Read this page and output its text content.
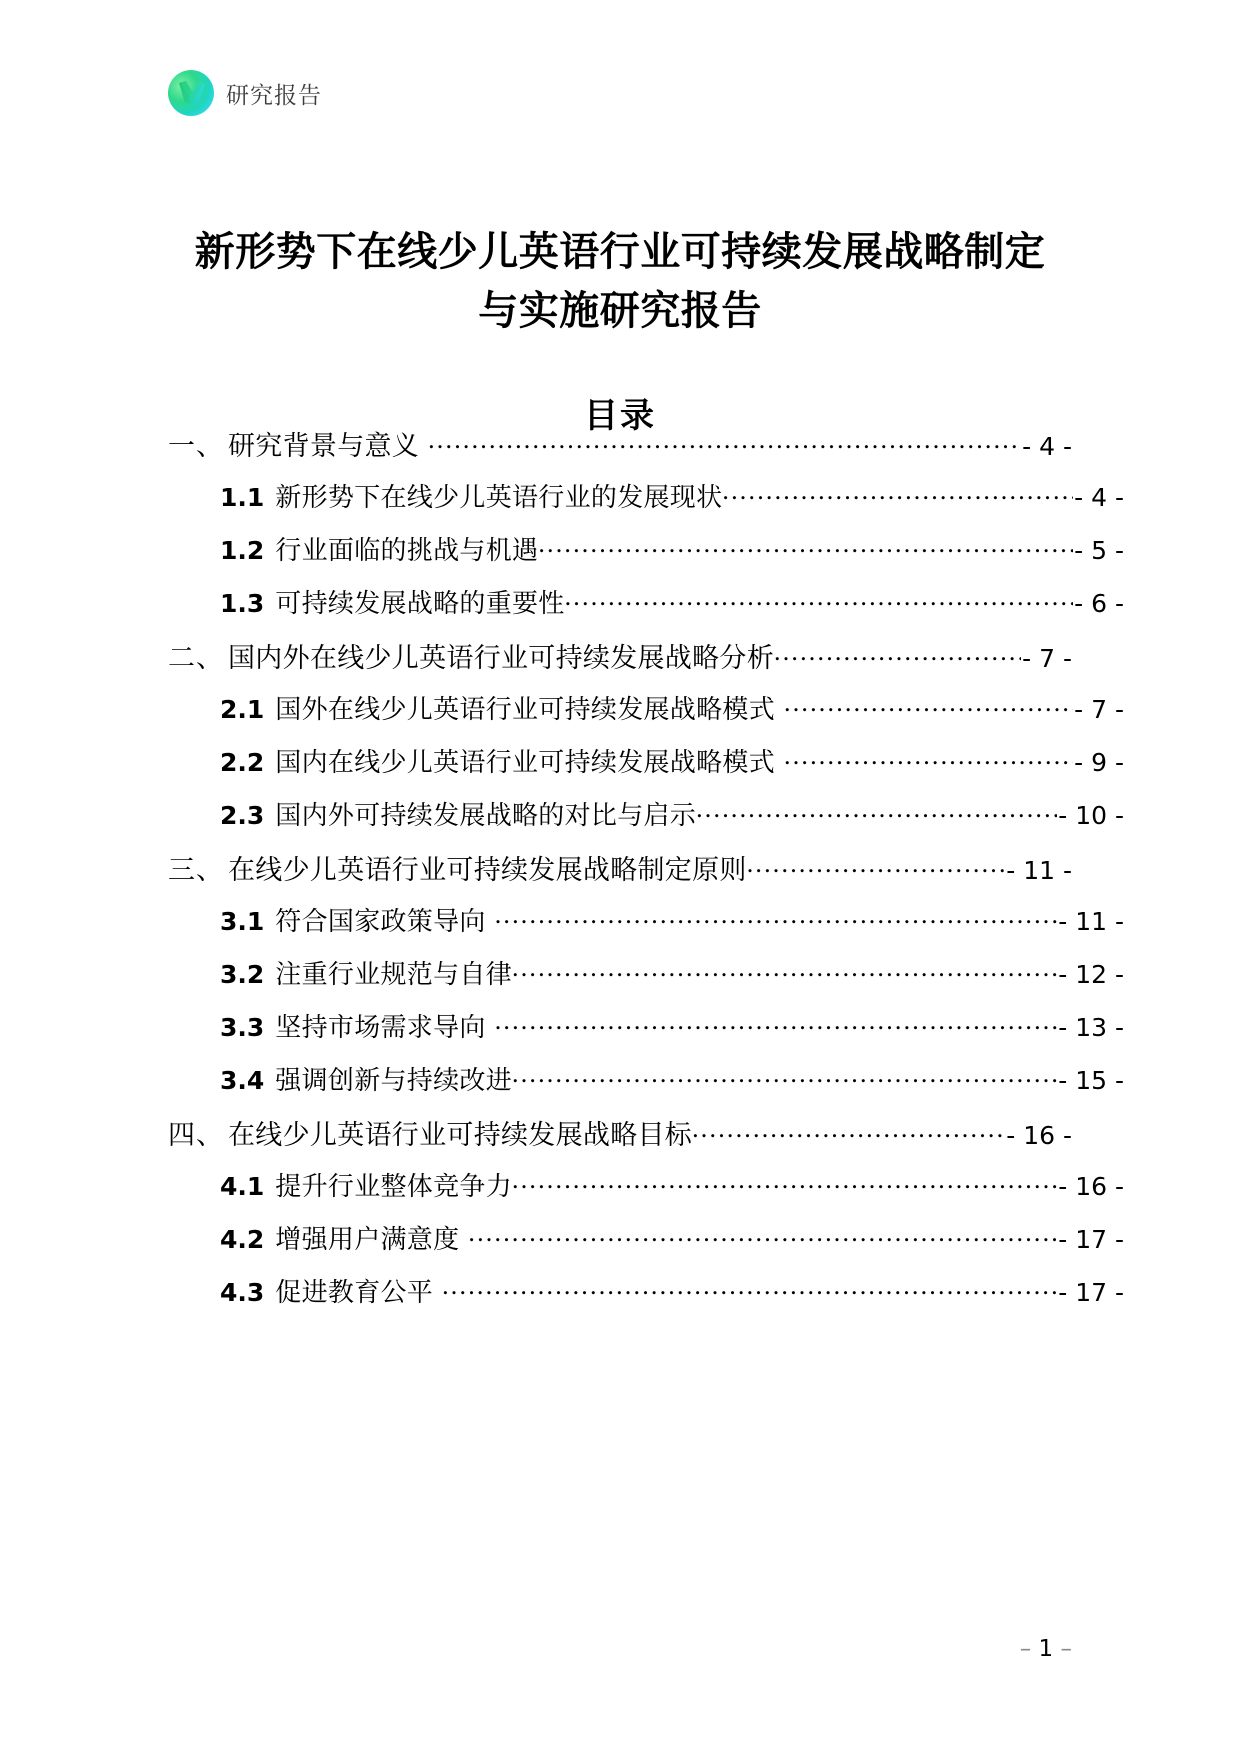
研究报告
新形势下在线少儿英语行业可持续发展战略制定与实施研究报告
目录
一、 研究背景与意义 .....	- 4 -
1.1 新形势下在线少儿英语行业的发展现状 .....	- 4 -
1.2 行业面临的挑战与机遇 .....	- 5 -
1.3 可持续发展战略的重要性 .....	- 6 -
二、 国内外在线少儿英语行业可持续发展战略分析 .....	- 7 -
2.1 国外在线少儿英语行业可持续发展战略模式 .....	- 7 -
2.2 国内在线少儿英语行业可持续发展战略模式 .....	- 9 -
2.3 国内外可持续发展战略的对比与启示 .....	- 10 -
三、 在线少儿英语行业可持续发展战略制定原则 .....	- 11 -
3.1 符合国家政策导向 .....	- 11 -
3.2 注重行业规范与自律 .....	- 12 -
3.3 坚持市场需求导向 .....	- 13 -
3.4 强调创新与持续改进 .....	- 15 -
四、 在线少儿英语行业可持续发展战略目标 .....	- 16 -
4.1 提升行业整体竞争力 .....	- 16 -
4.2 增强用户满意度 .....	- 17 -
4.3 促进教育公平 .....	- 17 -
– 1 –
